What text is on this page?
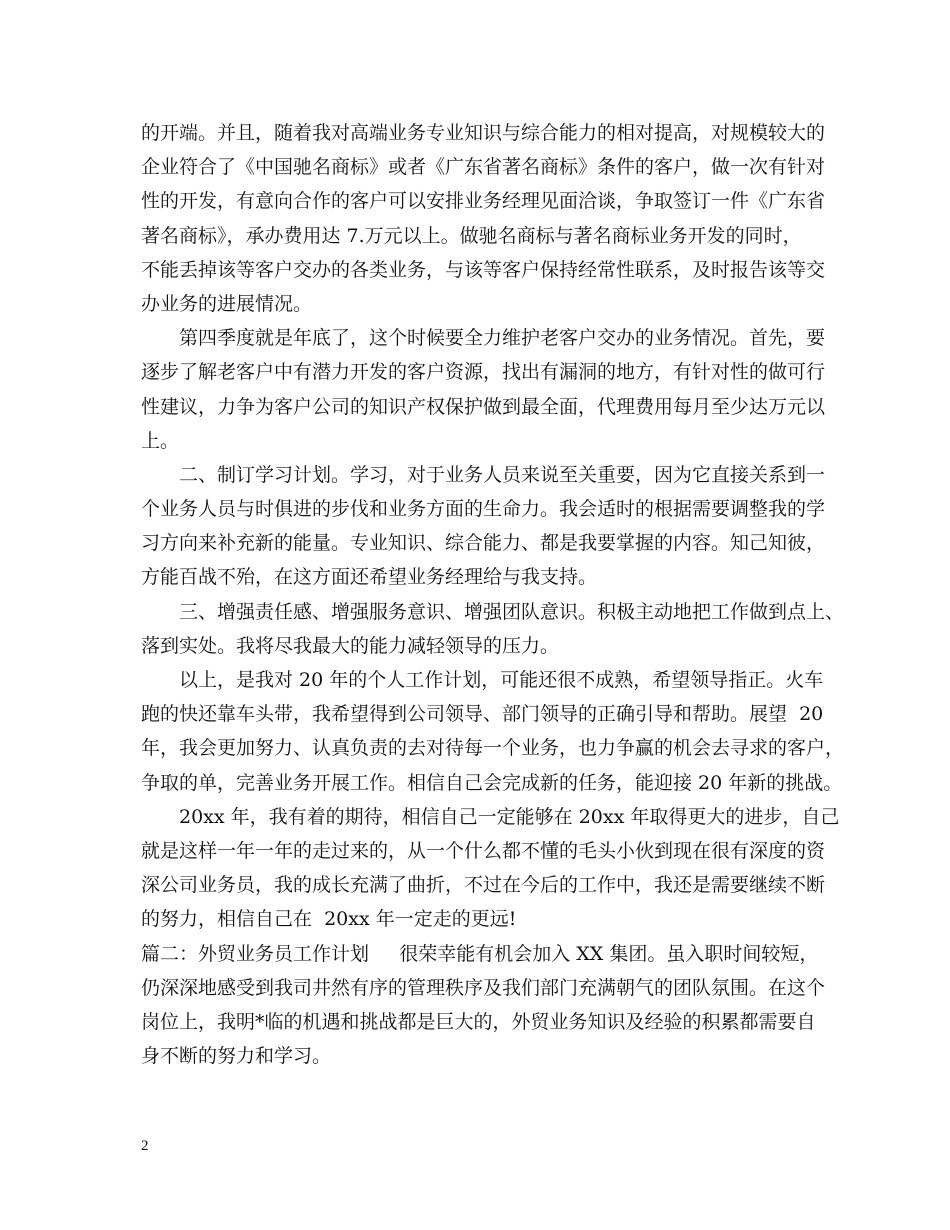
的开端。并且，随着我对高端业务专业知识与综合能力的相对提高，对规模较大的
企业符合了《中国驰名商标》或者《广东省著名商标》条件的客户，做一次有针对
性的开发，有意向合作的客户可以安排业务经理见面洽谈，争取签订一件《广东省
著名商标》，承办费用达 7.万元以上。做驰名商标与著名商标业务开发的同时，
不能丢掉该等客户交办的各类业务，与该等客户保持经常性联系，及时报告该等交
办业务的进展情况。
第四季度就是年底了，这个时候要全力维护老客户交办的业务情况。首先，要
逐步了解老客户中有潜力开发的客户资源，找出有漏洞的地方，有针对性的做可行
性建议，力争为客户公司的知识产权保护做到最全面，代理费用每月至少达万元以
上。
二、制订学习计划。学习，对于业务人员来说至关重要，因为它直接关系到一
个业务人员与时俱进的步伐和业务方面的生命力。我会适时的根据需要调整我的学
习方向来补充新的能量。专业知识、综合能力、都是我要掌握的内容。知己知彼，
方能百战不殆，在这方面还希望业务经理给与我支持。
三、增强责任感、增强服务意识、增强团队意识。积极主动地把工作做到点上、
落到实处。我将尽我最大的能力减轻领导的压力。
以上，是我对 20 年的个人工作计划，可能还很不成熟，希望领导指正。火车
跑的快还靠车头带，我希望得到公司领导、部门领导的正确引导和帮助。展望  20
年，我会更加努力、认真负责的去对待每一个业务，也力争赢的机会去寻求的客户，
争取的单，完善业务开展工作。相信自己会完成新的任务，能迎接 20 年新的挑战。
20xx 年，我有着的期待，相信自己一定能够在 20xx 年取得更大的进步，自己
就是这样一年一年的走过来的，从一个什么都不懂的毛头小伙到现在很有深度的资
深公司业务员，我的成长充满了曲折，不过在今后的工作中，我还是需要继续不断
的努力，相信自己在  20xx 年一定走的更远!
篇二：外贸业务员工作计划     很荣幸能有机会加入 XX 集团。虽入职时间较短，
仍深深地感受到我司井然有序的管理秩序及我们部门充满朝气的团队氛围。在这个
岗位上，我明*临的机遇和挑战都是巨大的，外贸业务知识及经验的积累都需要自
身不断的努力和学习。
2
